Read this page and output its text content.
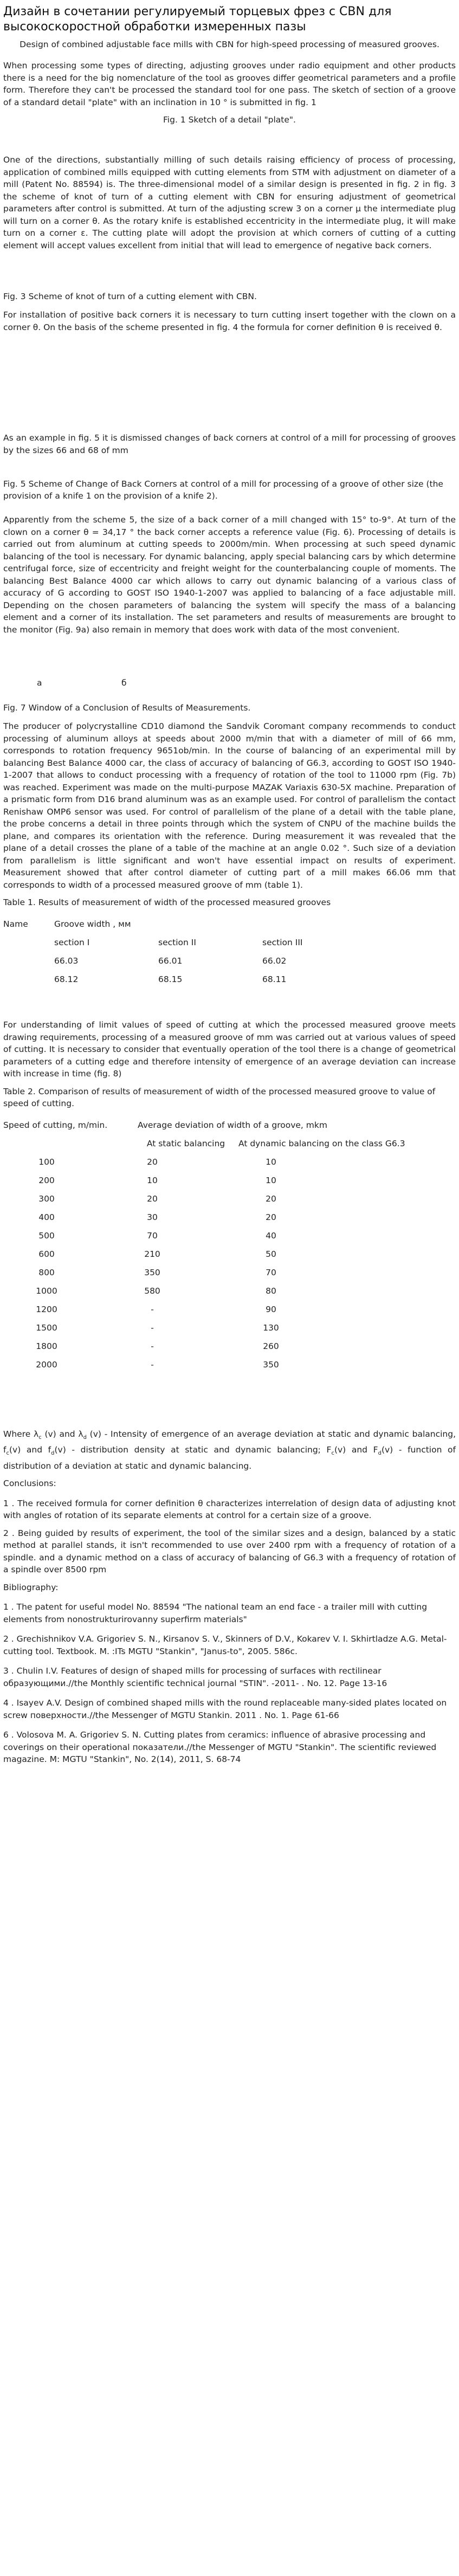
Дизайн в сочетании регулируемый торцевых фрез с CBN для высокоскоростной обработки измеренных пазы
Design of combined adjustable face mills with CBN for high-speed processing of measured grooves.

When processing some types of directing, adjusting grooves under radio equipment and other products there is a need for the big nomenclature of the tool as grooves differ geometrical parameters and a profile form. Therefore they can't be processed the standard tool for one pass. The sketch of section of a groove of a standard detail "plate" with an inclination in 10 ° is submitted in fig. 1

Fig. 1 Sketch of a detail "plate".

One of the directions, substantially milling of such details raising efficiency of process of processing, application of combined mills equipped with cutting elements from STM with adjustment on diameter of a mill (Patent No. 88594) is. The three-dimensional model of a similar design is presented in fig. 2 in fig. 3 the scheme of knot of turn of a cutting element with CBN for ensuring adjustment of geometrical parameters after control is submitted. At turn of the adjusting screw 3 on a corner μ the intermediate plug will turn on a corner θ. As the rotary knife is established eccentricity in the intermediate plug, it will make turn on a corner ε. The cutting plate will adopt the provision at which corners of cutting of a cutting element will accept values excellent from initial that will lead to emergence of negative back corners.

Fig. 3 Scheme of knot of turn of a cutting element with CBN.

For installation of positive back corners it is necessary to turn cutting insert together with the clown on a corner θ. On the basis of the scheme presented in fig. 4 the formula for corner definition θ is received θ.

As an example in fig. 5 it is dismissed changes of back corners at control of a mill for processing of grooves by the sizes 66 and 68 of mm

Fig. 5 Scheme of Change of Back Corners at control of a mill for processing of a groove of other size (the provision of a knife 1 on the provision of a knife 2).

Apparently from the scheme 5, the size of a back corner of a mill changed with 15° to-9°. At turn of the clown on a corner θ = 34,17 ° the back corner accepts a reference value (Fig. 6). Processing of details is carried out from aluminum at cutting speeds to 2000m/min. When processing at such speed dynamic balancing of the tool is necessary. For dynamic balancing, apply special balancing cars by which determine centrifugal force, size of eccentricity and freight weight for the counterbalancing couple of moments. The balancing Best Balance 4000 car which allows to carry out dynamic balancing of a various class of accuracy of G according to GOST ISO 1940-1-2007 was applied to balancing of a face adjustable mill. Depending on the chosen parameters of balancing the system will specify the mass of a balancing element and a corner of its installation. The set parameters and results of measurements are brought to the monitor (Fig. 9a) also remain in memory that does work with data of the most convenient.

a	б
Fig. 7 Window of a Conclusion of Results of Measurements.

The producer of polycrystalline CD10 diamond the Sandvik Coromant company recommends to conduct processing of aluminum alloys at speeds about 2000 m/min that with a diameter of mill of 66 mm, corresponds to rotation frequency 9651ob/min. In the course of balancing of an experimental mill by balancing Best Balance 4000 car, the class of accuracy of balancing of G6.3, according to GOST ISO 1940-1-2007 that allows to conduct processing with a frequency of rotation of the tool to 11000 rpm (Fig. 7b) was reached. Experiment was made on the multi-purpose MAZAK Variaxis 630-5X machine. Preparation of a prismatic form from D16 brand aluminum was as an example used. For control of parallelism the contact Renishaw OMP6 sensor was used. For control of parallelism of the plane of a detail with the table plane, the probe concerns a detail in three points through which the system of CNPU of the machine builds the plane, and compares its orientation with the reference. During measurement it was revealed that the plane of a detail crosses the plane of a table of the machine at an angle 0.02 °. Such size of a deviation from parallelism is little significant and won't have essential impact on results of experiment. Measurement showed that after control diameter of cutting part of a mill makes 66.06 mm that corresponds to width of a processed measured groove of mm (table 1).

Table 1. Results of measurement of width of the processed measured grooves
Name	Groove width , мм		
	section I	section II	section III
	66.03	66.01	66.02
	68.12	68.15	68.11

For understanding of limit values of speed of cutting at which the processed measured groove meets drawing requirements, processing of a measured groove of mm was carried out at various values of speed of cutting. It is necessary to consider that eventually operation of the tool there is a change of geometrical parameters of a cutting edge and therefore intensity of emergence of an average deviation can increase with increase in time (fig. 8)

Table 2. Comparison of results of measurement of width of the processed measured groove to value of speed of cutting.
Speed of cutting, m/min.	Average deviation of width of a groove, mkm	
	At static balancing	At dynamic balancing on the class G6.3
100	20	10
200	10	10
300	20	20
400	30	20
500	70	40
600	210	50
800	350	70
1000	580	80
1200	-	90
1500	-	130
1800	-	260
2000	-	350

Where $\lambda_c$ (v) and $\lambda_d$ (v) - Intensity of emergence of an average deviation at static and dynamic balancing, $f_c(v)$ and $f_d(v)$ - distribution density at static and dynamic balancing; $F_c(v)$ and $F_d(v)$ - function of distribution of a deviation at static and dynamic balancing.

Conclusions:

1 . The received formula for corner definition θ characterizes interrelation of design data of adjusting knot with angles of rotation of its separate elements at control for a certain size of a groove.

2 . Being guided by results of experiment, the tool of the similar sizes and a design, balanced by a static method at parallel stands, it isn't recommended to use over 2400 rpm with a frequency of rotation of a spindle. and a dynamic method on a class of accuracy of balancing of G6.3 with a frequency of rotation of a spindle over 8500 rpm

Bibliography:

1 . The patent for useful model No. 88594 "The national team an end face - a trailer mill with cutting elements from nonostrukturirovanny superfirm materials"
2 . Grechishnikov V.A. Grigoriev S. N., Kirsanov S. V., Skinners of D.V., Kokarev V. I. Skhirtladze A.G. Metal-cutting tool. Textbook. M. :ITs MGTU "Stankin", "Janus-to", 2005. 586c.
3 . Chulin I.V. Features of design of shaped mills for processing of surfaces with rectilinear образующими.//the Monthly scientific technical journal "STIN". -2011- . No. 12. Page 13-16
4 . Isayev A.V. Design of combined shaped mills with the round replaceable many-sided plates located on screw поверхности.//the Messenger of MGTU Stankin. 2011 . No. 1. Page 61-66
6 . Volosova M. A. Grigoriev S. N. Cutting plates from ceramics: influence of abrasive processing and coverings on their operational показатели.//the Messenger of MGTU "Stankin". The scientific reviewed magazine. M: MGTU "Stankin", No. 2(14), 2011, S. 68-74
